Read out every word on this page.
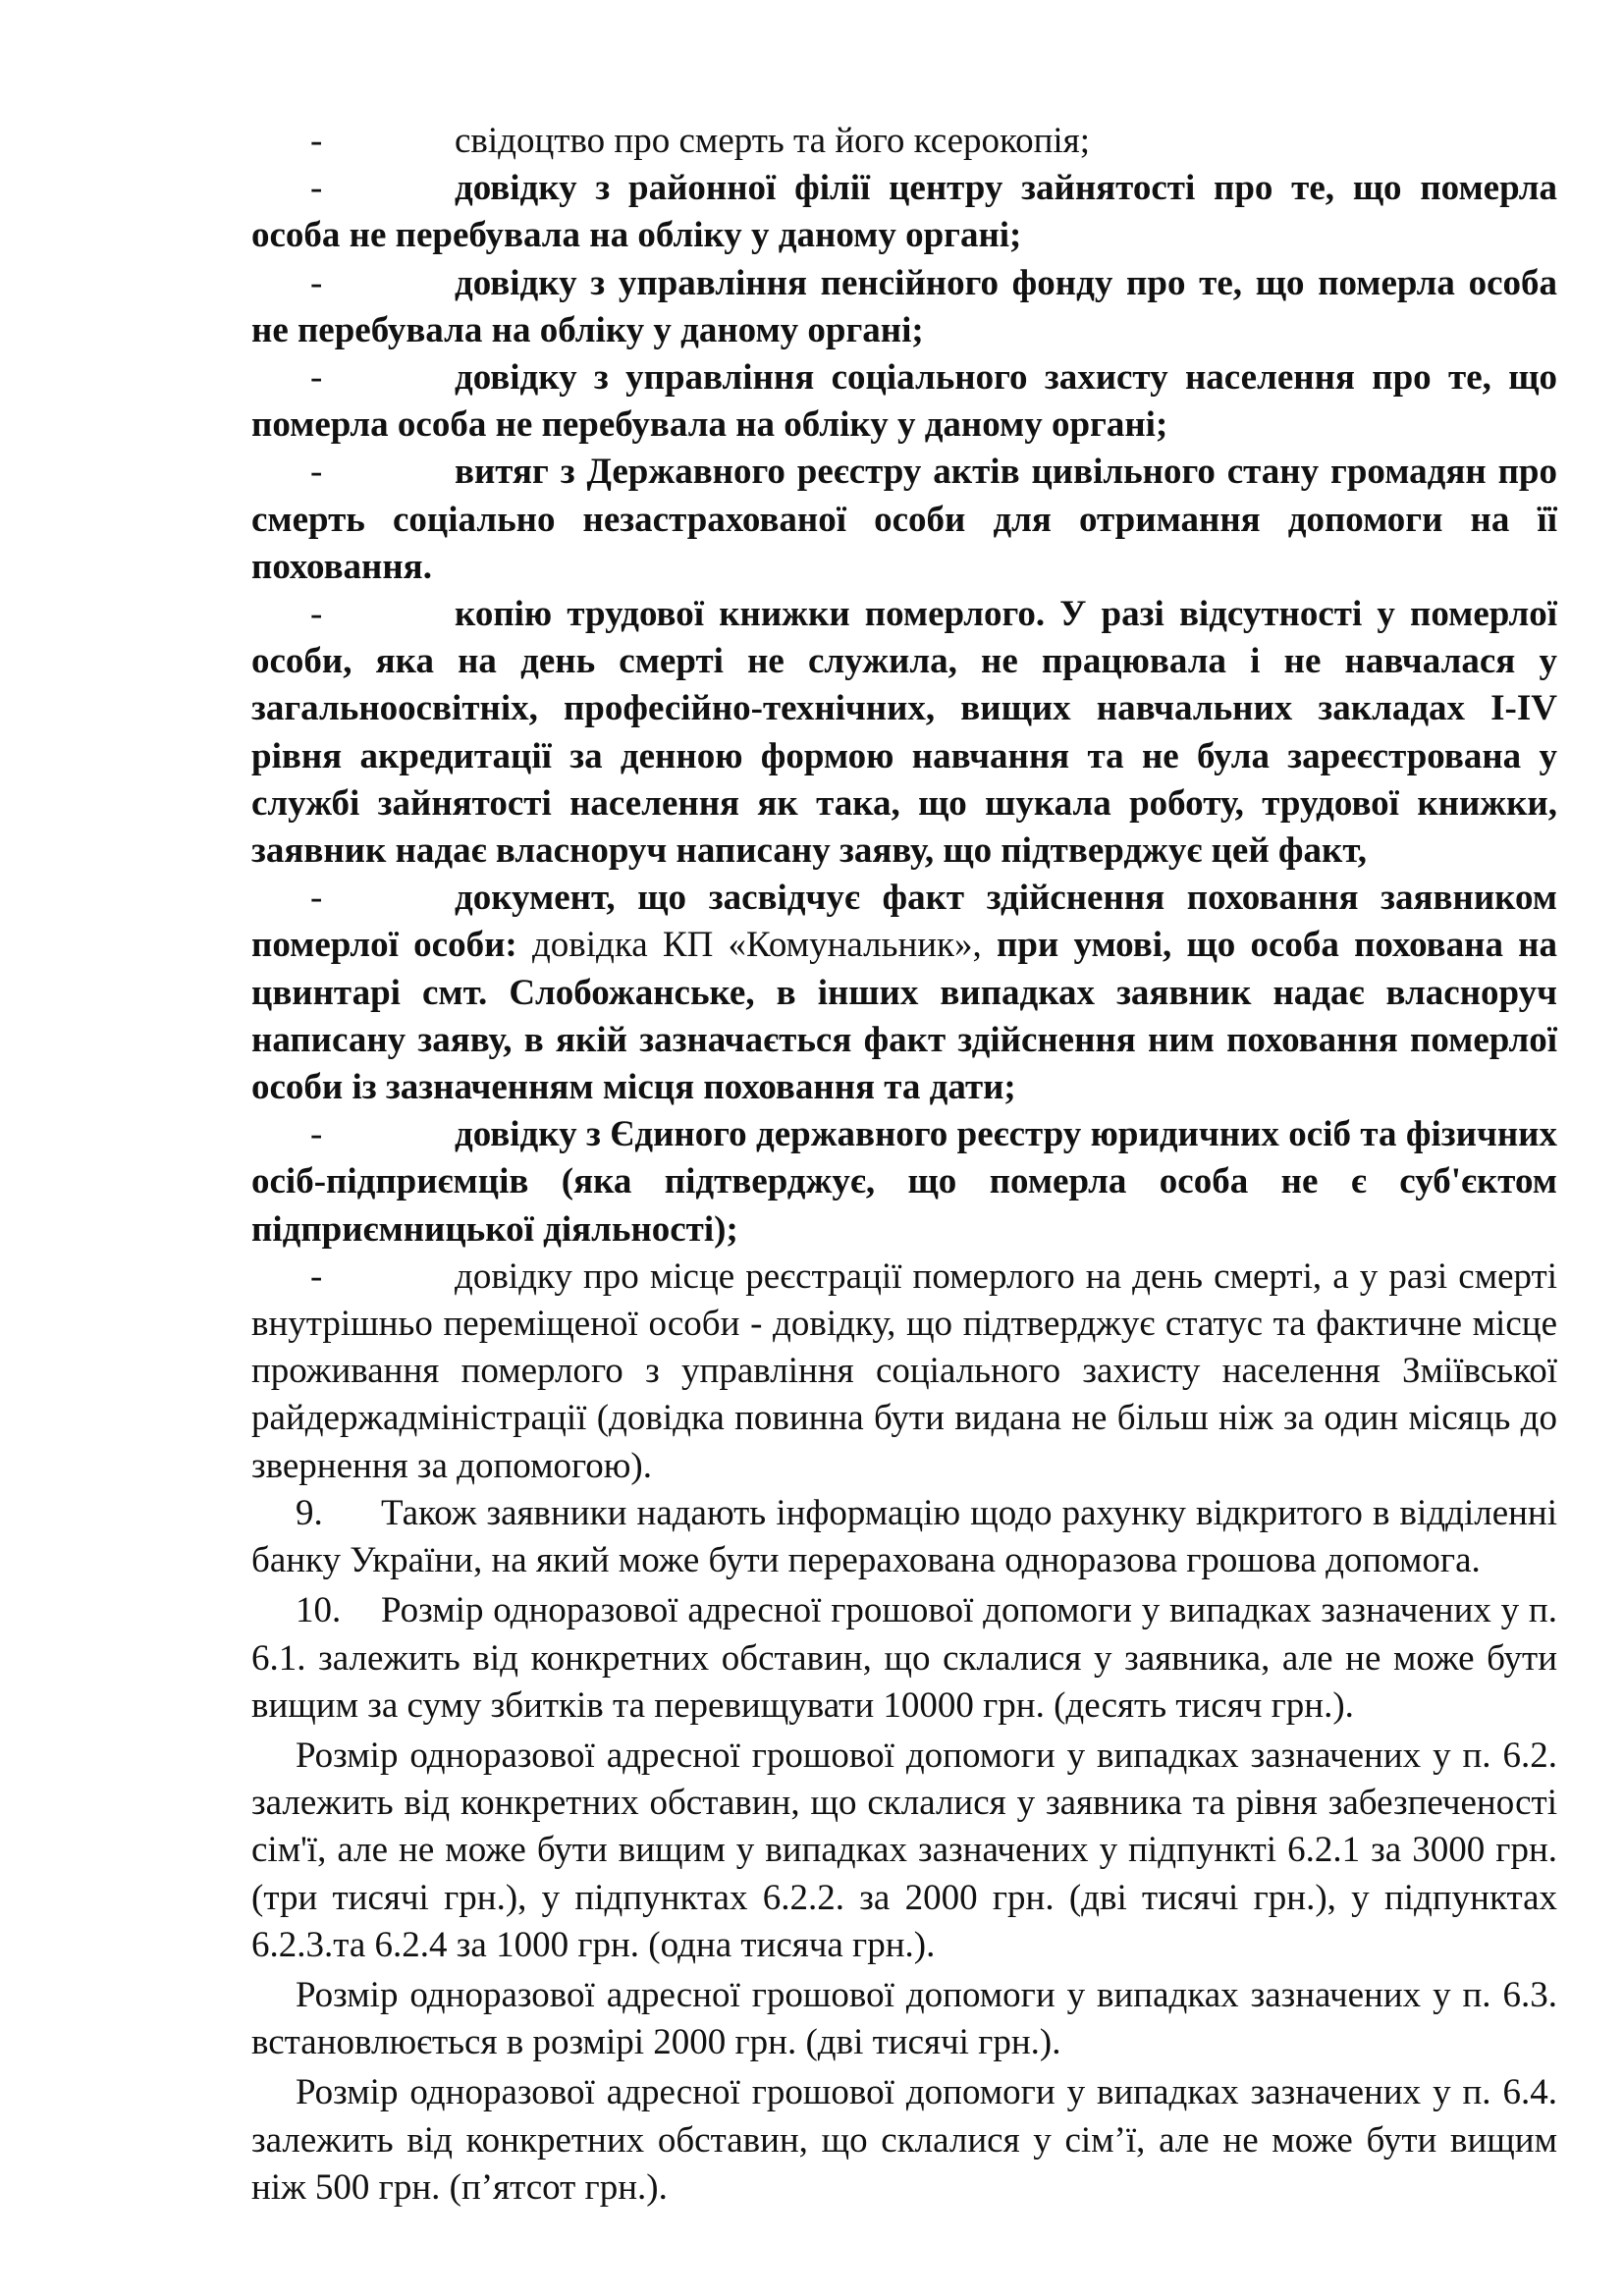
-	свідоцтво про смерть та його ксерокопія;

-	довідку з районної філії центру зайнятості про те, що померла особа не перебувала на обліку у даному органі;

-	довідку з управління пенсійного фонду про те, що померла особа не перебувала на обліку у даному органі;

-	довідку з управління соціального захисту населення про те, що померла особа не перебувала на обліку у даному органі;

-	витяг з Державного реєстру актів цивільного стану громадян про смерть соціально незастрахованої особи для отримання допомоги на її поховання.

-	копію трудової книжки померлого. У разі відсутності у померлої особи, яка на день смерті не служила, не працювала і не навчалася у загальноосвітніх, професійно-технічних, вищих навчальних закладах I-IV рівня акредитації за денною формою навчання та не була зареєстрована у службі зайнятості населення як така, що шукала роботу, трудової книжки, заявник надає власноруч написану заяву, що підтверджує цей факт,

-	документ, що засвідчує факт здійснення поховання заявником померлої особи: довідка КП «Комунальник», при умові, що особа похована на цвинтарі смт. Слобожанське, в інших випадках заявник надає власноруч написану заяву, в якій зазначається факт здійснення ним поховання померлої особи із зазначенням місця поховання та дати;

-	довідку з Єдиного державного реєстру юридичних осіб та фізичних осіб-підприємців (яка підтверджує, що померла особа не є суб'єктом підприємницької діяльності);

-	довідку про місце реєстрації померлого на день смерті, а у разі смерті внутрішньо переміщеної особи - довідку, що підтверджує статус та фактичне місце проживання померлого з управління соціального захисту населення Зміївської райдержадміністрації (довідка повинна бути видана не більш ніж за один місяць до звернення за допомогою).

9. Також заявники надають інформацію щодо рахунку відкритого в відділенні банку України, на який може бути перерахована одноразова грошова допомога.

10. Розмір одноразової адресної грошової допомоги у випадках зазначених у п. 6.1. залежить від конкретних обставин, що склалися у заявника, але не може бути вищим за суму збитків та перевищувати 10000 грн. (десять тисяч грн.).

Розмір одноразової адресної грошової допомоги у випадках зазначених у п. 6.2. залежить від конкретних обставин, що склалися у заявника та рівня забезпеченості сім'ї, але не може бути вищим у випадках зазначених у підпункті 6.2.1 за 3000 грн. (три тисячі грн.), у підпунктах 6.2.2. за 2000 грн. (дві тисячі грн.), у підпунктах 6.2.3.та 6.2.4 за 1000 грн. (одна тисяча грн.).

Розмір одноразової адресної грошової допомоги у випадках зазначених у п. 6.3. встановлюється в розмірі 2000 грн. (дві тисячі грн.).

Розмір одноразової адресної грошової допомоги у випадках зазначених у п. 6.4. залежить від конкретних обставин, що склалися у сім’ї, але не може бути вищим ніж 500 грн. (п’ятсот грн.).
